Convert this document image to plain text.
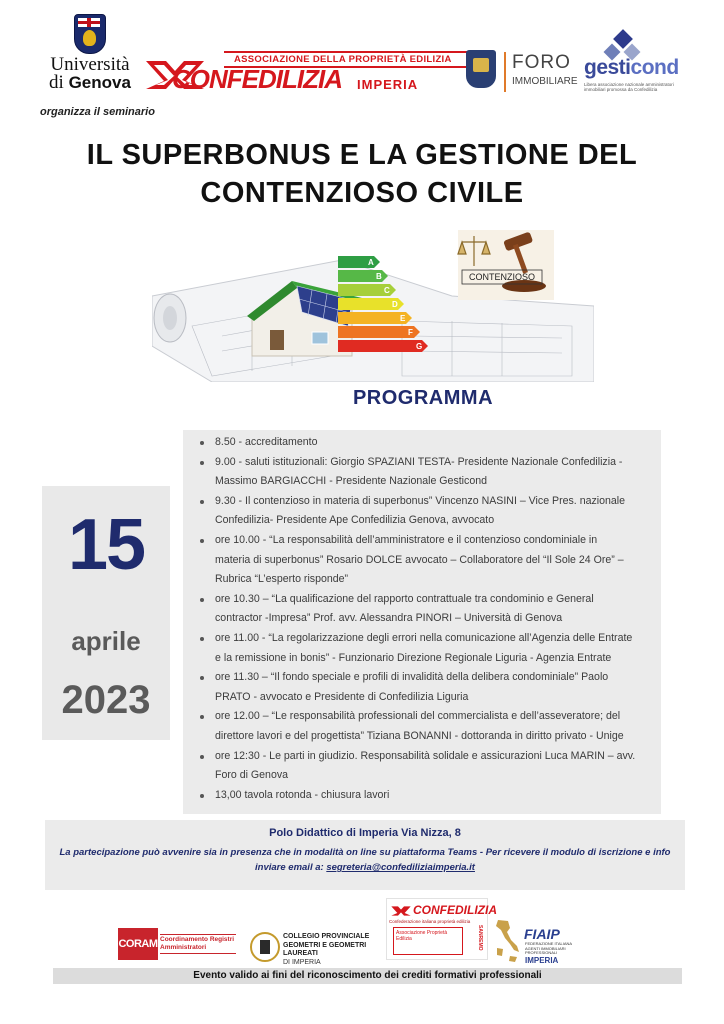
Università
di Genova
ASSOCIAZIONE DELLA PROPRIETÀ EDILIZIA
CONFEDILIZIA IMPERIA
FORO
IMMOBILIARE
gesticond
Libera associazione nazionale amministratori immobiliari promossa da Confedilizia
organizza il seminario
IL SUPERBONUS E LA GESTIONE DEL
CONTENZIOSO CIVILE
A
B
C
D
E
F
G
CONTENZIOSO
PROGRAMMA
15
aprile
2023
8.50 - accreditamento
9.00 - saluti istituzionali: Giorgio SPAZIANI TESTA- Presidente Nazionale Confedilizia -
Massimo BARGIACCHI - Presidente Nazionale Gesticond
9.30 - Il contenzioso in materia di superbonus” Vincenzo NASINI – Vice Pres. nazionale
Confedilizia- Presidente Ape Confedilizia Genova, avvocato
ore 10.00 - “La responsabilità dell’amministratore e il contenzioso condominiale in
materia di superbonus” Rosario DOLCE avvocato – Collaboratore del “Il Sole 24 Ore” –
Rubrica “L’esperto risponde”
ore 10.30 – “La qualificazione del rapporto contrattuale tra condominio e General
contractor -Impresa” Prof. avv. Alessandra PINORI – Università di Genova
ore 11.00 - “La regolarizzazione degli errori nella comunicazione all’Agenzia delle Entrate
e la remissione in bonis” - Funzionario Direzione Regionale Liguria - Agenzia Entrate
ore 11.30 – “Il fondo speciale e profili di invalidità della delibera condominiale” Paolo
PRATO - avvocato e Presidente di Confedilizia Liguria
ore 12.00 – “Le responsabilità professionali del commercialista e dell’asseveratore; del
direttore lavori e del progettista” Tiziana BONANNI - dottoranda in diritto privato - Unige
ore 12:30 - Le parti in giudizio. Responsabilità solidale e assicurazioni Luca MARIN – avv.
Foro di Genova
13,00 tavola rotonda - chiusura lavori
Polo Didattico di Imperia Via Nizza, 8
La partecipazione può avvenire sia in presenza che in modalità on line su piattaforma Teams - Per ricevere il modulo di iscrizione e info
inviare email a: segreteria@confediliziaimperia.it
CORAM Coordinamento Registri Amministratori
COLLEGIO PROVINCIALE
GEOMETRI E GEOMETRI LAUREATI
DI IMPERIA
CONFEDILIZIA
Confederazione italiana proprietà edilizia
Associazione Proprietà Edilizia	SANREMO	FIAIP
FEDERAZIONE ITALIANA AGENTI IMMOBILIARI PROFESSIONALI
IMPERIA
Evento valido ai fini del riconoscimento dei crediti formativi professionali
